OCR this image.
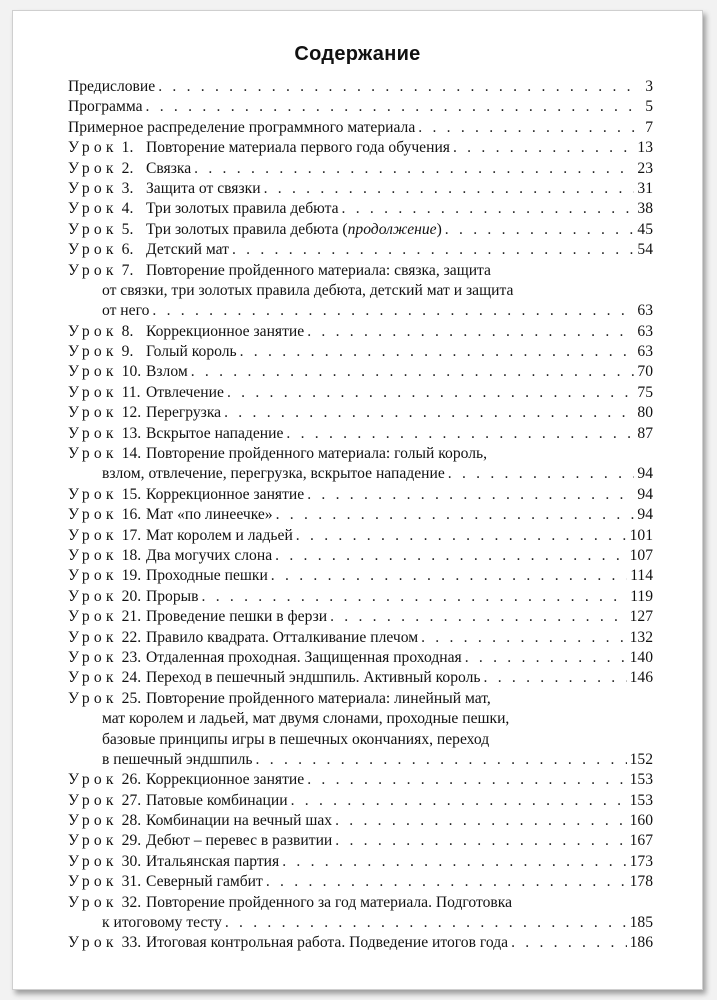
Содержание
Предисловие . . .	3
Программа . . .	5
Примерное распределение программного материала . . .	7
Урок 1. Повторение материала первого года обучения . . .	13
Урок 2. Связка . . .	23
Урок 3. Защита от связки . . .	31
Урок 4. Три золотых правила дебюта . . .	38
Урок 5. Три золотых правила дебюта (продолжение) . . .	45
Урок 6. Детский мат . . .	54
Урок 7. Повторение пройденного материала: связка, защита
от связки, три золотых правила дебюта, детский мат и защита
от него . . .	63
Урок 8. Коррекционное занятие . . .	63
Урок 9. Голый король . . .	63
Урок 10. Взлом . . .	70
Урок 11. Отвлечение . . .	75
Урок 12. Перегрузка . . .	80
Урок 13. Вскрытое нападение . . .	87
Урок 14. Повторение пройденного материала: голый король,
взлом, отвлечение, перегрузка, вскрытое нападение . . .	94
Урок 15. Коррекционное занятие . . .	94
Урок 16. Мат «по линеечке» . . .	94
Урок 17. Мат королем и ладьей . . .	101
Урок 18. Два могучих слона . . .	107
Урок 19. Проходные пешки . . .	114
Урок 20. Прорыв . . .	119
Урок 21. Проведение пешки в ферзи . . .	127
Урок 22. Правило квадрата. Отталкивание плечом . . .	132
Урок 23. Отдаленная проходная. Защищенная проходная . . .	140
Урок 24. Переход в пешечный эндшпиль. Активный король . . .	146
Урок 25. Повторение пройденного материала: линейный мат,
мат королем и ладьей, мат двумя слонами, проходные пешки,
базовые принципы игры в пешечных окончаниях, переход
в пешечный эндшпиль . . .	152
Урок 26. Коррекционное занятие . . .	153
Урок 27. Патовые комбинации . . .	153
Урок 28. Комбинации на вечный шах . . .	160
Урок 29. Дебют – перевес в развитии . . .	167
Урок 30. Итальянская партия . . .	173
Урок 31. Северный гамбит . . .	178
Урок 32. Повторение пройденного за год материала. Подготовка
к итоговому тесту . . .	185
Урок 33. Итоговая контрольная работа. Подведение итогов года . . .	186
